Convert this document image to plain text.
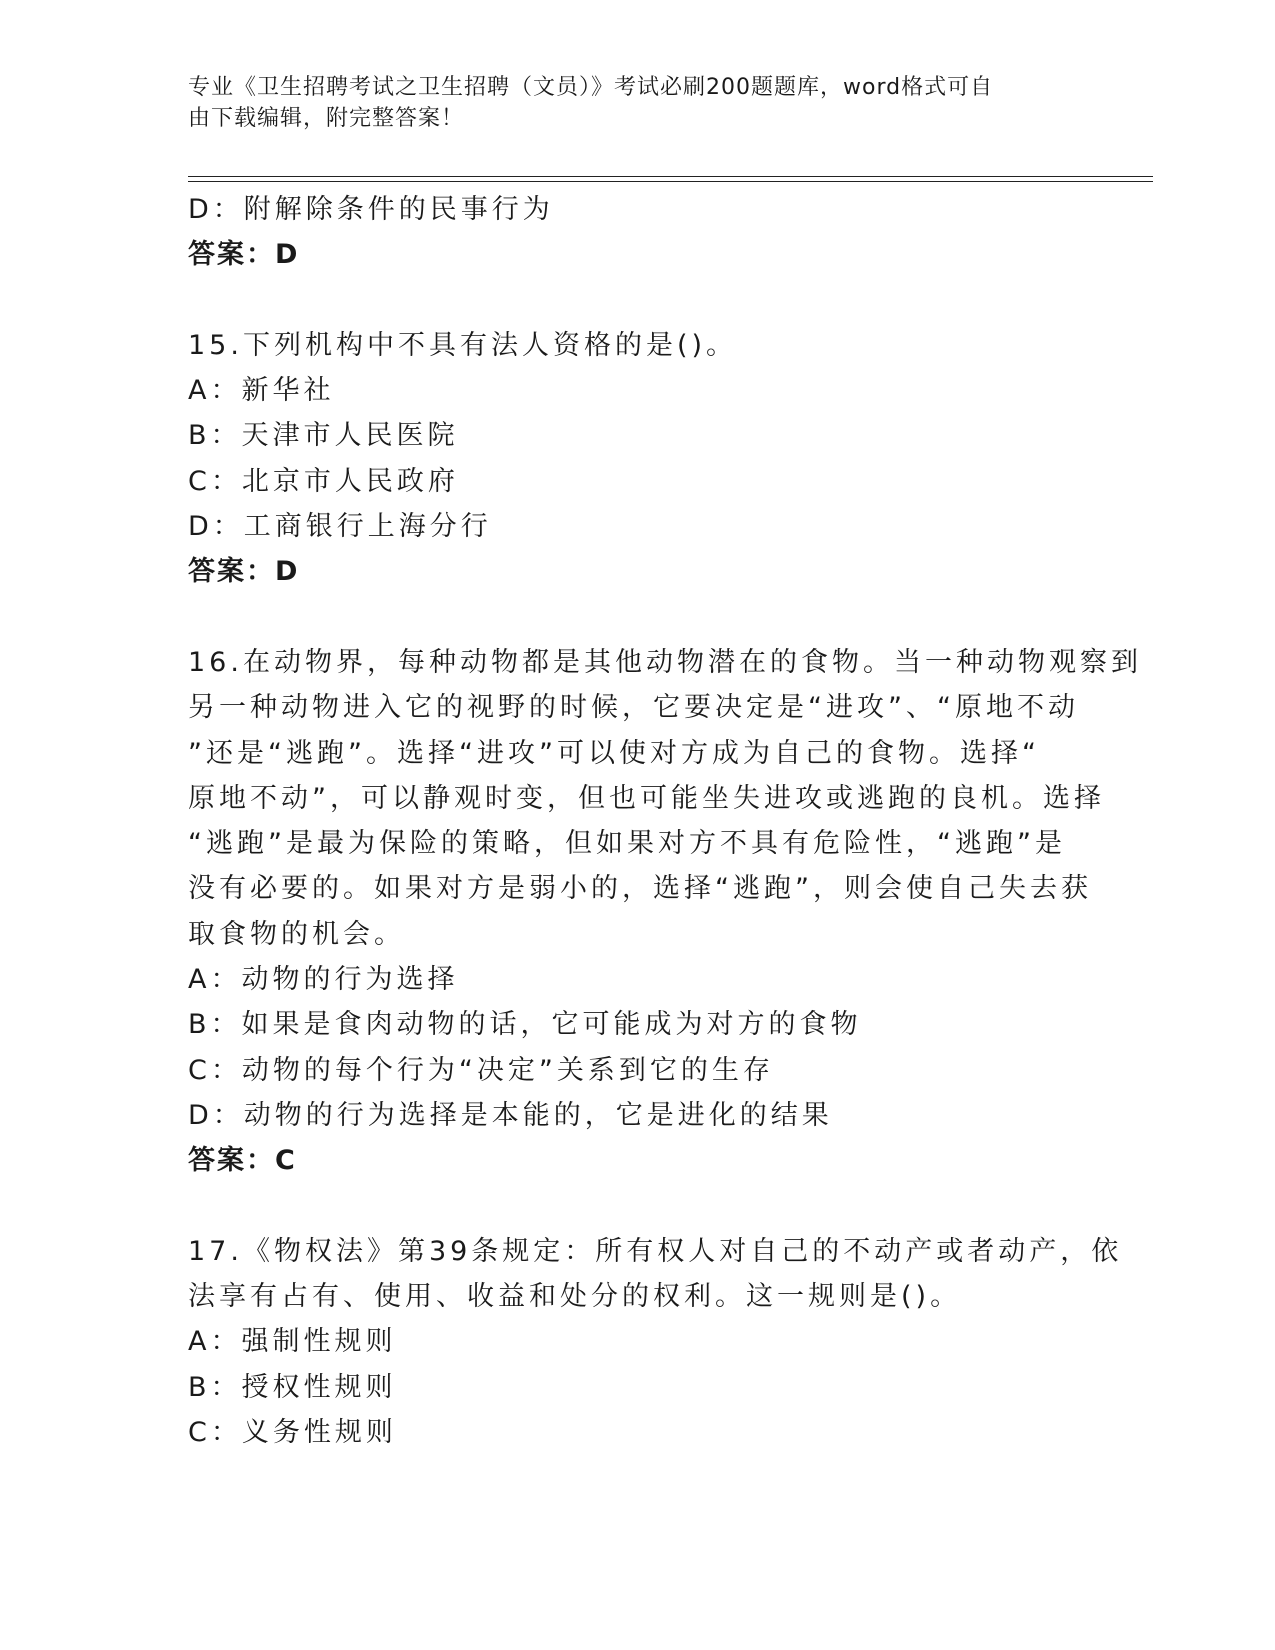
专业《卫生招聘考试之卫生招聘（文员）》考试必刷200题题库，word格式可自
由下载编辑，附完整答案！
D：附解除条件的民事行为
答案：D
15.下列机构中不具有法人资格的是()。
A：新华社
B：天津市人民医院
C：北京市人民政府
D：工商银行上海分行
答案：D
16.在动物界，每种动物都是其他动物潜在的食物。当一种动物观察到
另一种动物进入它的视野的时候，它要决定是“进攻”、“原地不动
”还是“逃跑”。选择“进攻”可以使对方成为自己的食物。选择“
原地不动”，可以静观时变，但也可能坐失进攻或逃跑的良机。选择
“逃跑”是最为保险的策略，但如果对方不具有危险性，“逃跑”是
没有必要的。如果对方是弱小的，选择“逃跑”，则会使自己失去获
取食物的机会。
A：动物的行为选择
B：如果是食肉动物的话，它可能成为对方的食物
C：动物的每个行为“决定”关系到它的生存
D：动物的行为选择是本能的，它是进化的结果
答案：C
17.《物权法》第39条规定：所有权人对自己的不动产或者动产，依
法享有占有、使用、收益和处分的权利。这一规则是()。
A：强制性规则
B：授权性规则
C：义务性规则
